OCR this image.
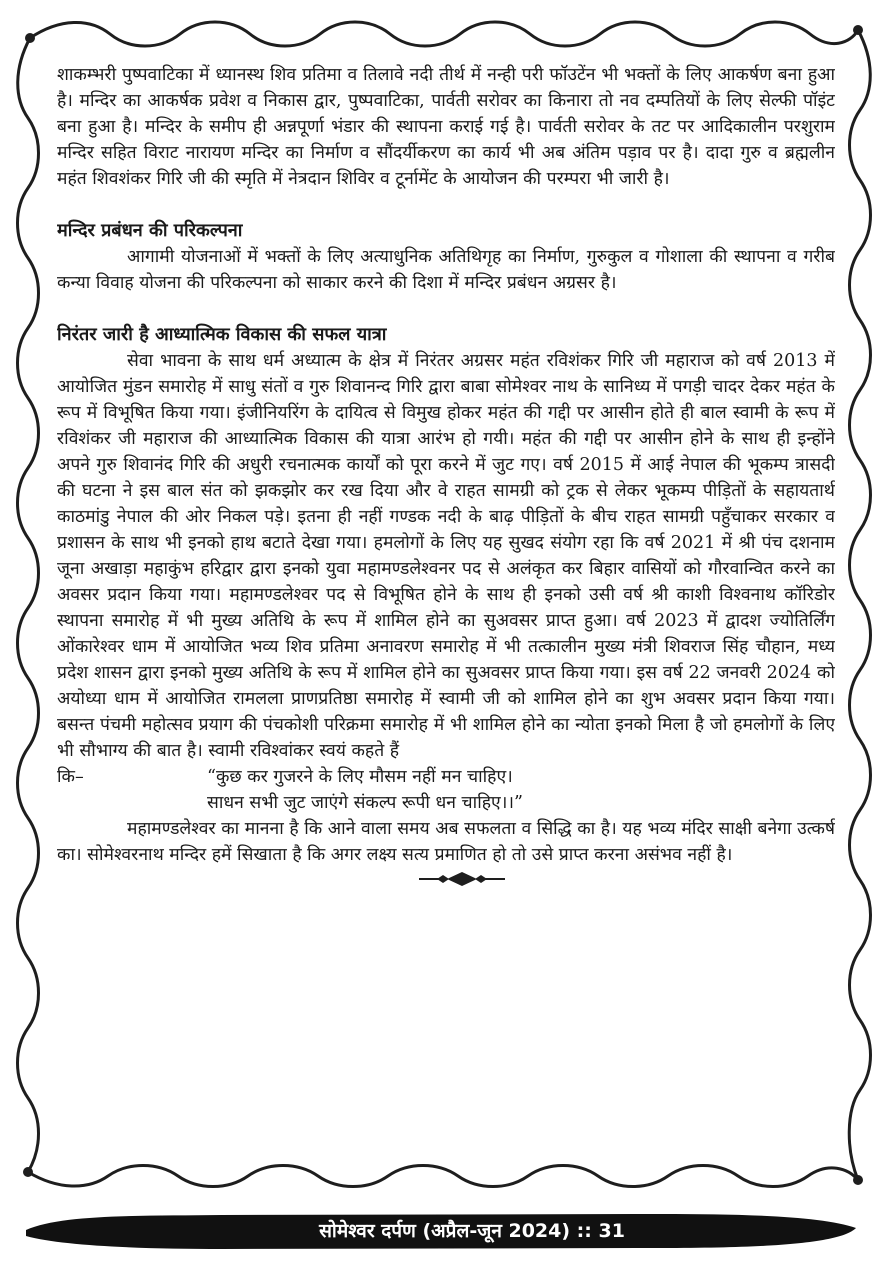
शाकम्भरी पुष्पवाटिका में ध्यानस्थ शिव प्रतिमा व तिलावे नदी तीर्थ में नन्ही परी फॉउटेंन भी भक्तों के लिए आकर्षण बना हुआ है। मन्दिर का आकर्षक प्रवेश व निकास द्वार, पुष्पवाटिका, पार्वती सरोवर का किनारा तो नव दम्पतियों के लिए सेल्फी पॉइंट बना हुआ है। मन्दिर के समीप ही अन्नपूर्णा भंडार की स्थापना कराई गई है। पार्वती सरोवर के तट पर आदिकालीन परशुराम मन्दिर सहित विराट नारायण मन्दिर का निर्माण व सौंदर्यीकरण का कार्य भी अब अंतिम पड़ाव पर है। दादा गुरु व ब्रह्मलीन महंत शिवशंकर गिरि जी की स्मृति में नेत्रदान शिविर व टूर्नामेंट के आयोजन की परम्परा भी जारी है।

मन्दिर प्रबंधन की परिकल्पना

आगामी योजनाओं में भक्तों के लिए अत्याधुनिक अतिथिगृह का निर्माण, गुरुकुल व गोशाला की स्थापना व गरीब कन्या विवाह योजना की परिकल्पना को साकार करने की दिशा में मन्दिर प्रबंधन अग्रसर है।

निरंतर जारी है आध्यात्मिक विकास की सफल यात्रा

सेवा भावना के साथ धर्म अध्यात्म के क्षेत्र में निरंतर अग्रसर महंत रविशंकर गिरि जी महाराज को वर्ष 2013 में आयोजित मुंडन समारोह में साधु संतों व गुरु शिवानन्द गिरि द्वारा बाबा सोमेश्वर नाथ के सानिध्य में पगड़ी चादर देकर महंत के रूप में विभूषित किया गया। इंजीनियरिंग के दायित्व से विमुख होकर महंत की गद्दी पर आसीन होते ही बाल स्वामी के रूप में रविशंकर जी महाराज की आध्यात्मिक विकास की यात्रा आरंभ हो गयी। महंत की गद्दी पर आसीन होने के साथ ही इन्होंने अपने गुरु शिवानंद गिरि की अधुरी रचनात्मक कार्यों को पूरा करने में जुट गए। वर्ष 2015 में आई नेपाल की भूकम्प त्रासदी की घटना ने इस बाल संत को झकझोर कर रख दिया और वे राहत सामग्री को ट्रक से लेकर भूकम्प पीड़ितों के सहायतार्थ काठमांडु नेपाल की ओर निकल पड़े। इतना ही नहीं गण्डक नदी के बाढ़ पीड़ितों के बीच राहत सामग्री पहुँचाकर सरकार व प्रशासन के साथ भी इनको हाथ बटाते देखा गया। हमलोगों के लिए यह सुखद संयोग रहा कि वर्ष 2021 में श्री पंच दशनाम जूना अखाड़ा महाकुंभ हरिद्वार द्वारा इनको युवा महामण्डलेश्वनर पद से अलंकृत कर बिहार वासियों को गौरवान्वित करने का अवसर प्रदान किया गया। महामण्डलेश्वर पद से विभूषित होने के साथ ही इनको उसी वर्ष श्री काशी विश्वनाथ कॉरिडोर स्थापना समारोह में भी मुख्य अतिथि के रूप में शामिल होने का सुअवसर प्राप्त हुआ। वर्ष 2023 में द्वादश ज्योतिर्लिंग ओंकारेश्वर धाम में आयोजित भव्य शिव प्रतिमा अनावरण समारोह में भी तत्कालीन मुख्य मंत्री शिवराज सिंह चौहान, मध्य प्रदेश शासन द्वारा इनको मुख्य अतिथि के रूप में शामिल होने का सुअवसर प्राप्त किया गया। इस वर्ष 22 जनवरी 2024 को अयोध्या धाम में आयोजित रामलला प्राणप्रतिष्ठा समारोह में स्वामी जी को शामिल होने का शुभ अवसर प्रदान किया गया। बसन्त पंचमी महोत्सव प्रयाग की पंचकोशी परिक्रमा समारोह में भी शामिल होने का न्योता इनको मिला है जो हमलोगों के लिए भी सौभाग्य की बात है। स्वामी रविश्वांकर स्वयं कहते हैं

कि–	“कुछ कर गुजरने के लिए मौसम नहीं मन चाहिए।
साधन सभी जुट जाएंगे संकल्प रूपी धन चाहिए।।”

महामण्डलेश्वर का मानना है कि आने वाला समय अब सफलता व सिद्धि का है। यह भव्य मंदिर साक्षी बनेगा उत्कर्ष का। सोमेश्वरनाथ मन्दिर हमें सिखाता है कि अगर लक्ष्य सत्य प्रमाणित हो तो उसे प्राप्त करना असंभव नहीं है।

सोमेश्वर दर्पण (अप्रैल-जून 2024) :: 31
